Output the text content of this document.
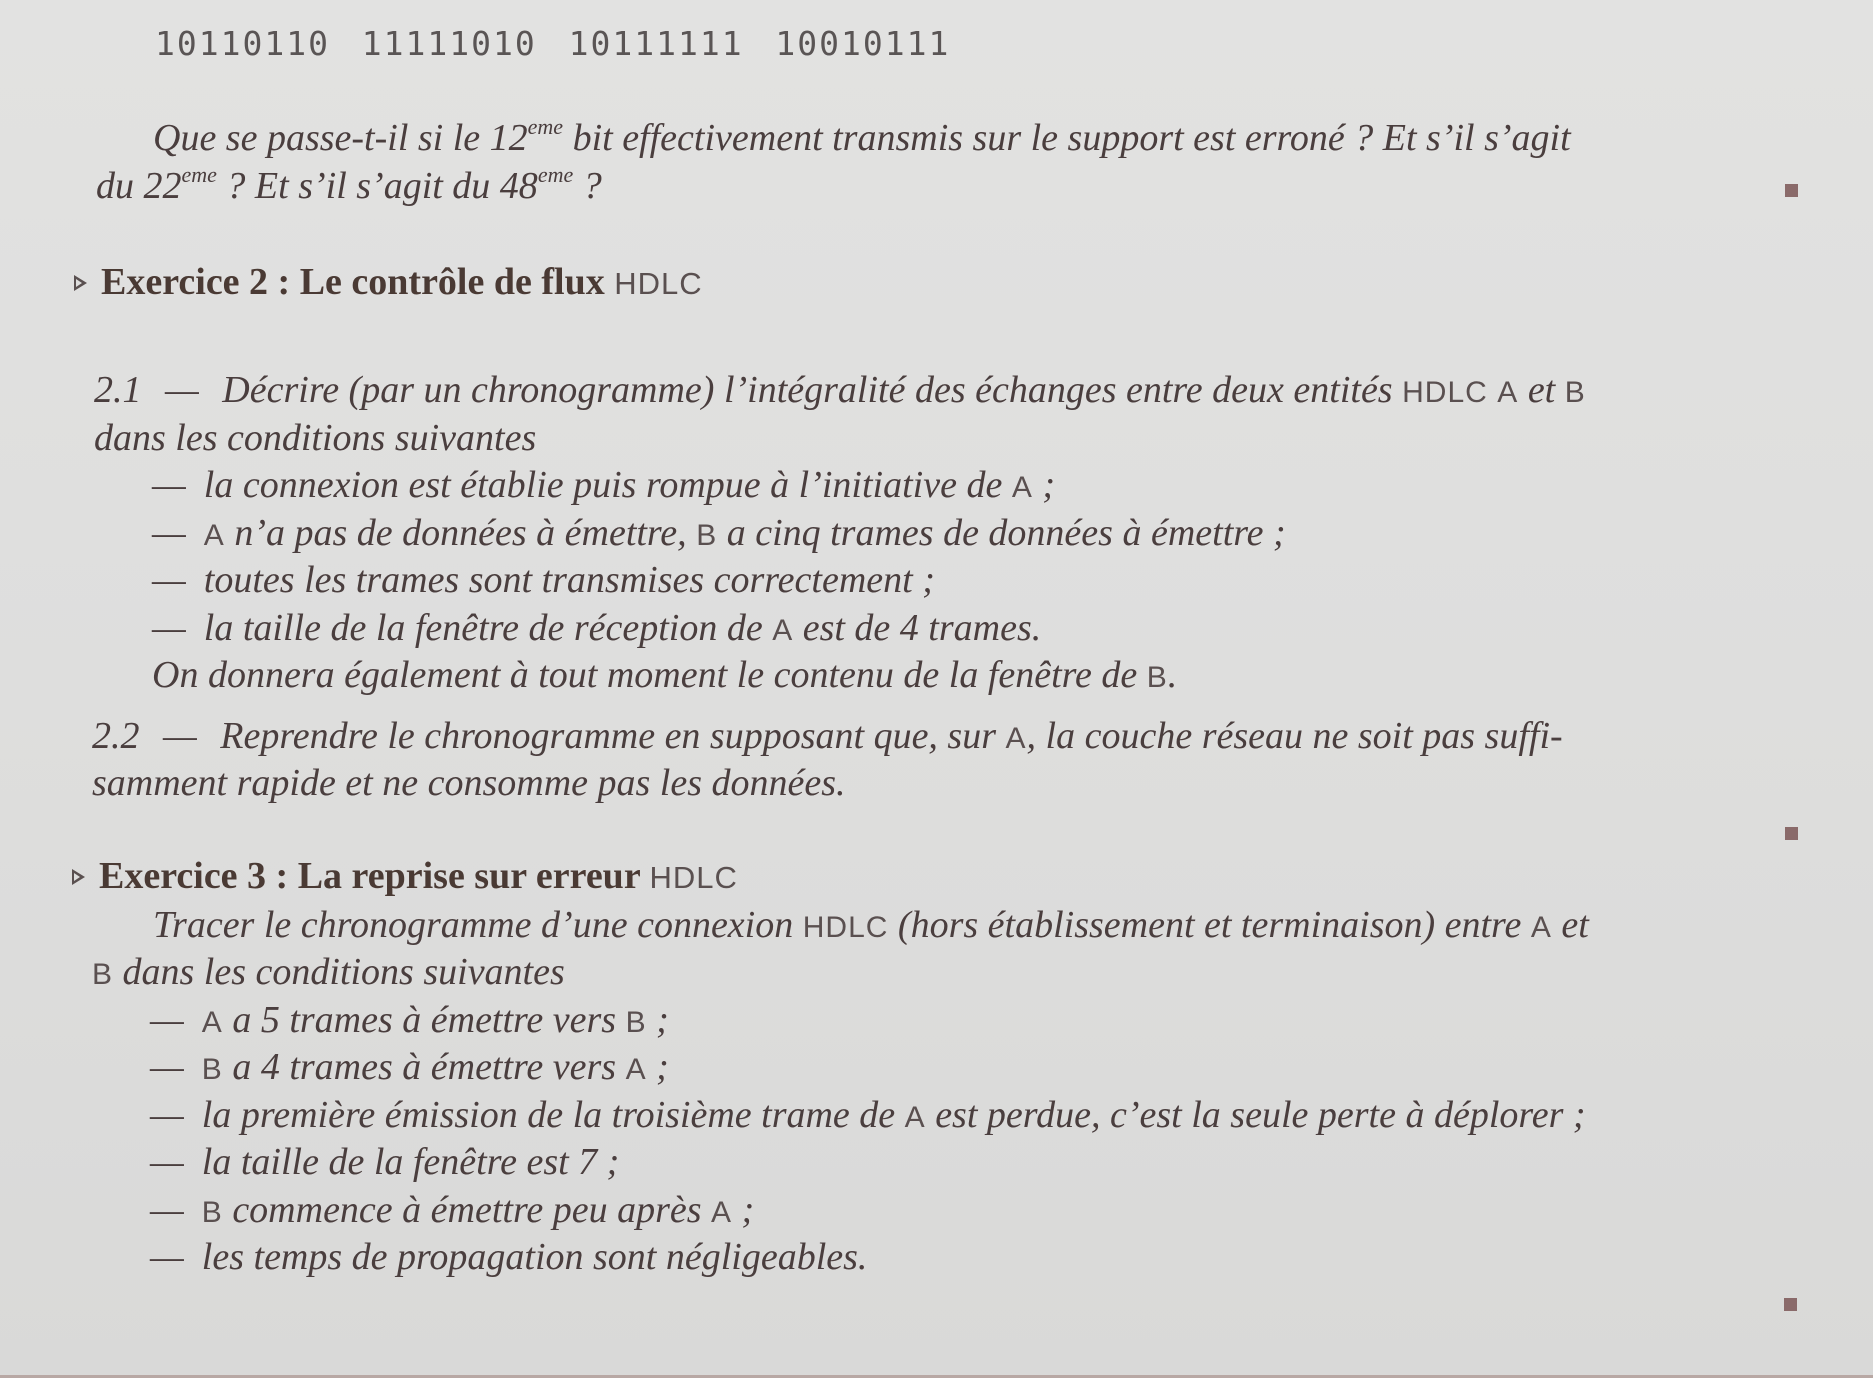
10110110 11111010 10111111 10010111
Que se passe-t-il si le 12eme bit effectivement transmis sur le support est erroné ? Et s’il s’agit
du 22eme ? Et s’il s’agit du 48eme ?
Exercice 2 : Le contrôle de flux HDLC
2.1 — Décrire (par un chronogramme) l’intégralité des échanges entre deux entités HDLC A et B
dans les conditions suivantes
— la connexion est établie puis rompue à l’initiative de A ;
— A n’a pas de données à émettre, B a cinq trames de données à émettre ;
— toutes les trames sont transmises correctement ;
— la taille de la fenêtre de réception de A est de 4 trames.
On donnera également à tout moment le contenu de la fenêtre de B.
2.2 — Reprendre le chronogramme en supposant que, sur A, la couche réseau ne soit pas suffi-
samment rapide et ne consomme pas les données.
Exercice 3 : La reprise sur erreur HDLC
Tracer le chronogramme d’une connexion HDLC (hors établissement et terminaison) entre A et
B dans les conditions suivantes
— A a 5 trames à émettre vers B ;
— B a 4 trames à émettre vers A ;
— la première émission de la troisième trame de A est perdue, c’est la seule perte à déplorer ;
— la taille de la fenêtre est 7 ;
— B commence à émettre peu après A ;
— les temps de propagation sont négligeables.
